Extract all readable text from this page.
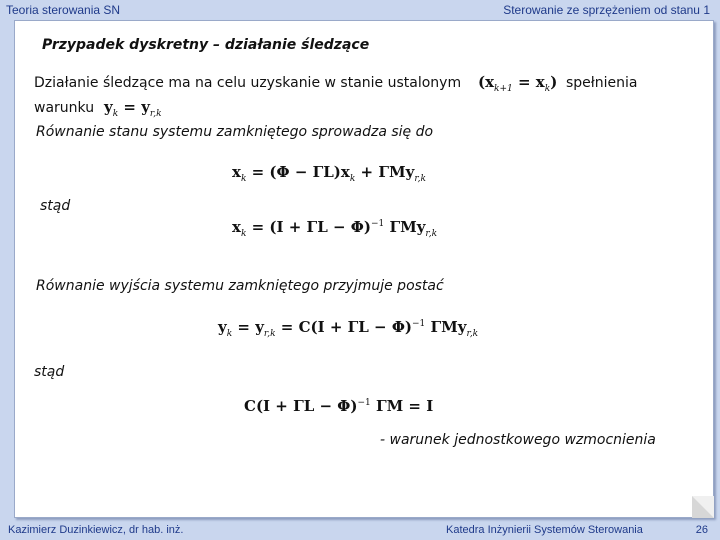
Teoria sterowania SN	Sterowanie ze sprzężeniem od stanu 1
Przypadek dyskretny – działanie śledzące
Działanie śledzące ma na celu uzyskanie w stanie ustalonym $(x_{k+1} = x_k)$ spełnienia
warunku $y_k = y_{r,k}$
Równanie stanu systemu zamkniętego sprowadza się do
$x_k = (\Phi - \Gamma L)x_k + \Gamma My_{r,k}$
stąd
$x_k = (I + \Gamma L - \Phi)^{-1}$ ΓMy$_{r,k}$
Równanie wyjścia systemu zamkniętego przyjmuje postać
$y_k = y_{r,k} = C(I + \Gamma L - \Phi)^{-1}$ ΓMy$_{r,k}$
stąd
$C(I + \Gamma L - \Phi)^{-1}$ ΓM = I
- warunek jednostkowego wzmocnienia
Kazimierz Duzinkiewicz, dr hab. inż.	Katedra Inżynierii Systemów Sterowania	26
